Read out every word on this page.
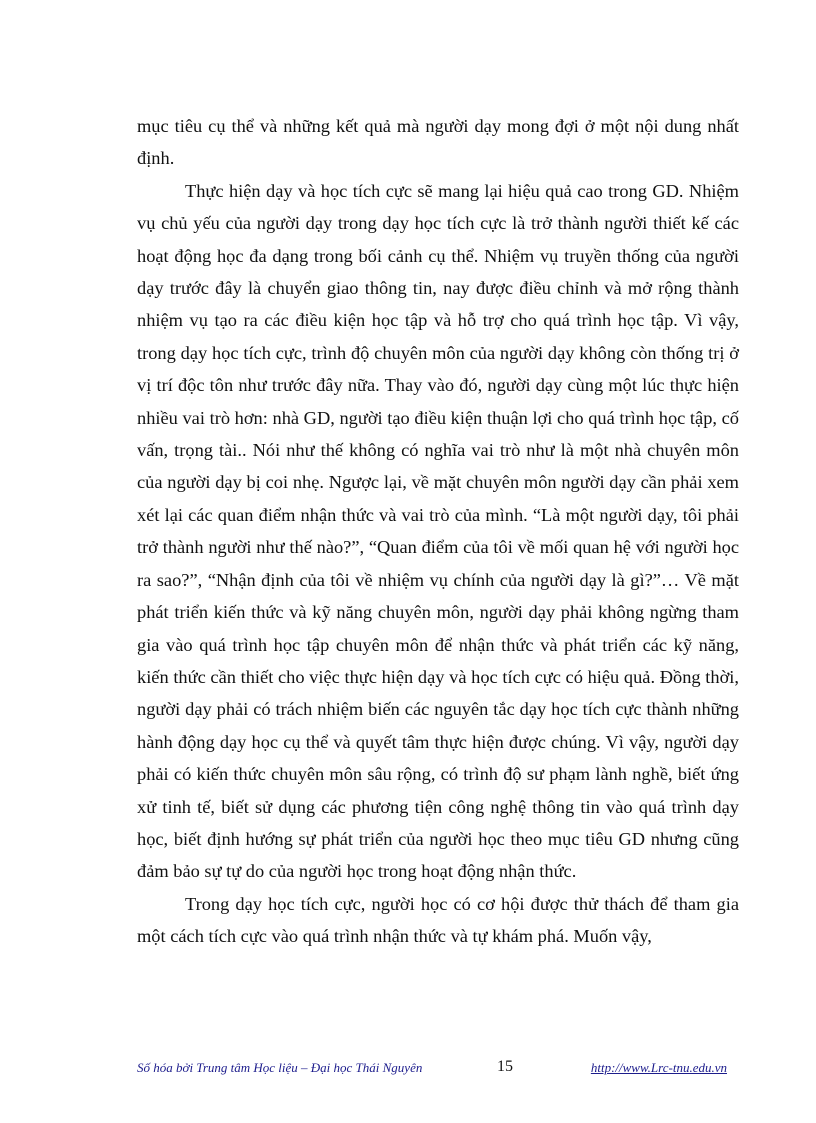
mục tiêu cụ thể và những kết quả mà người dạy mong đợi ở một nội dung nhất định.

Thực hiện dạy và học tích cực sẽ mang lại hiệu quả cao trong GD. Nhiệm vụ chủ yếu của người dạy trong dạy học tích cực là trở thành người thiết kế các hoạt động học đa dạng trong bối cảnh cụ thể. Nhiệm vụ truyền thống của người dạy trước đây là chuyển giao thông tin, nay được điều chỉnh và mở rộng thành nhiệm vụ tạo ra các điều kiện học tập và hỗ trợ cho quá trình học tập. Vì vậy, trong dạy học tích cực, trình độ chuyên môn của người dạy không còn thống trị ở vị trí độc tôn như trước đây nữa. Thay vào đó, người dạy cùng một lúc thực hiện nhiều vai trò hơn: nhà GD, người tạo điều kiện thuận lợi cho quá trình học tập, cố vấn, trọng tài.. Nói như thế không có nghĩa vai trò như là một nhà chuyên môn của người dạy bị coi nhẹ. Ngược lại, về mặt chuyên môn người dạy cần phải xem xét lại các quan điểm nhận thức và vai trò của mình. “Là một người dạy, tôi phải trở thành người như thế nào?”, “Quan điểm của tôi về mối quan hệ với người học ra sao?”, “Nhận định của tôi về nhiệm vụ chính của người dạy là gì?”… Về mặt phát triển kiến thức và kỹ năng chuyên môn, người dạy phải không ngừng tham gia vào quá trình học tập chuyên môn để nhận thức và phát triển các kỹ năng, kiến thức cần thiết cho việc thực hiện dạy và học tích cực có hiệu quả. Đồng thời, người dạy phải có trách nhiệm biến các nguyên tắc dạy học tích cực thành những hành động dạy học cụ thể và quyết tâm thực hiện được chúng. Vì vậy, người dạy phải có kiến thức chuyên môn sâu rộng, có trình độ sư phạm lành nghề, biết ứng xử tinh tế, biết sử dụng các phương tiện công nghệ thông tin vào quá trình dạy học, biết định hướng sự phát triển của người học theo mục tiêu GD nhưng cũng đảm bảo sự tự do của người học trong hoạt động nhận thức.

Trong dạy học tích cực, người học có cơ hội được thử thách để tham gia một cách tích cực vào quá trình nhận thức và tự khám phá. Muốn vậy,

Số hóa bởi Trung tâm Học liệu – Đại học Thái Nguyên	15	http://www.Lrc-tnu.edu.vn
